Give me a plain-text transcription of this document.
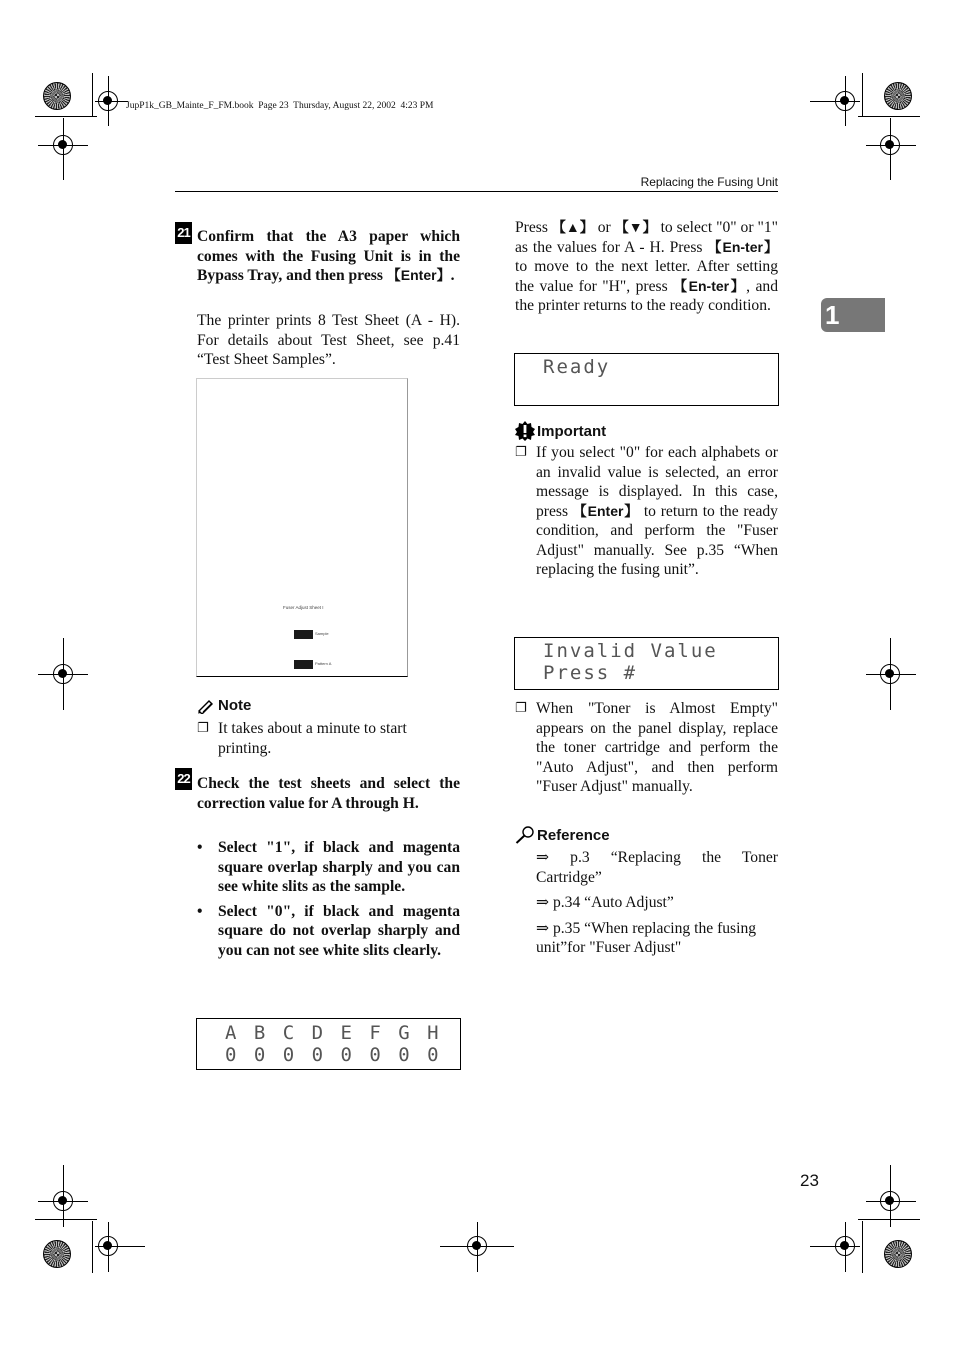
JupP1k_GB_Mainte_F_FM.book  Page 23  Thursday, August 22, 2002  4:23 PM
Replacing the Fusing Unit
1
21 Confirm that the A3 paper which comes with the Fusing Unit is in the Bypass Tray, and then press 【Enter】.
The printer prints 8 Test Sheet (A - H). For details about Test Sheet, see p.41 “Test Sheet Samples”.
Fuser Adjust Sheet I
Sample
Pattern A
Note
❐ It takes about a minute to start printing.
22 Check the test sheets and select the correction value for A through H.
• Select "1", if black and magenta square overlap sharply and you can see white slits as the sample.
• Select "0", if black and magenta square do not overlap sharply and you can not see white slits clearly.
A B C D E F G H
0 0 0 0 0 0 0 0
Press 【▲】 or 【▼】 to select "0" or "1" as the values for A - H. Press 【En-ter】 to move to the next letter. After setting the value for "H", press 【En-ter】, and the printer returns to the ready condition.
Ready
Important
❐ If you select "0" for each alphabets or an invalid value is selected, an error message is displayed. In this case, press 【Enter】 to return to the ready condition, and perform the "Fuser Adjust" manually. See p.35 “When replacing the fusing unit”.
Invalid Value
Press #
❐ When "Toner is Almost Empty" appears on the panel display, replace the toner cartridge and perform the "Auto Adjust", and then perform "Fuser Adjust" manually.
Reference
⇒ p.3 “Replacing the Toner Cartridge”
⇒ p.34 “Auto Adjust”
⇒ p.35 “When replacing the fusing unit”for "Fuser Adjust"
23
